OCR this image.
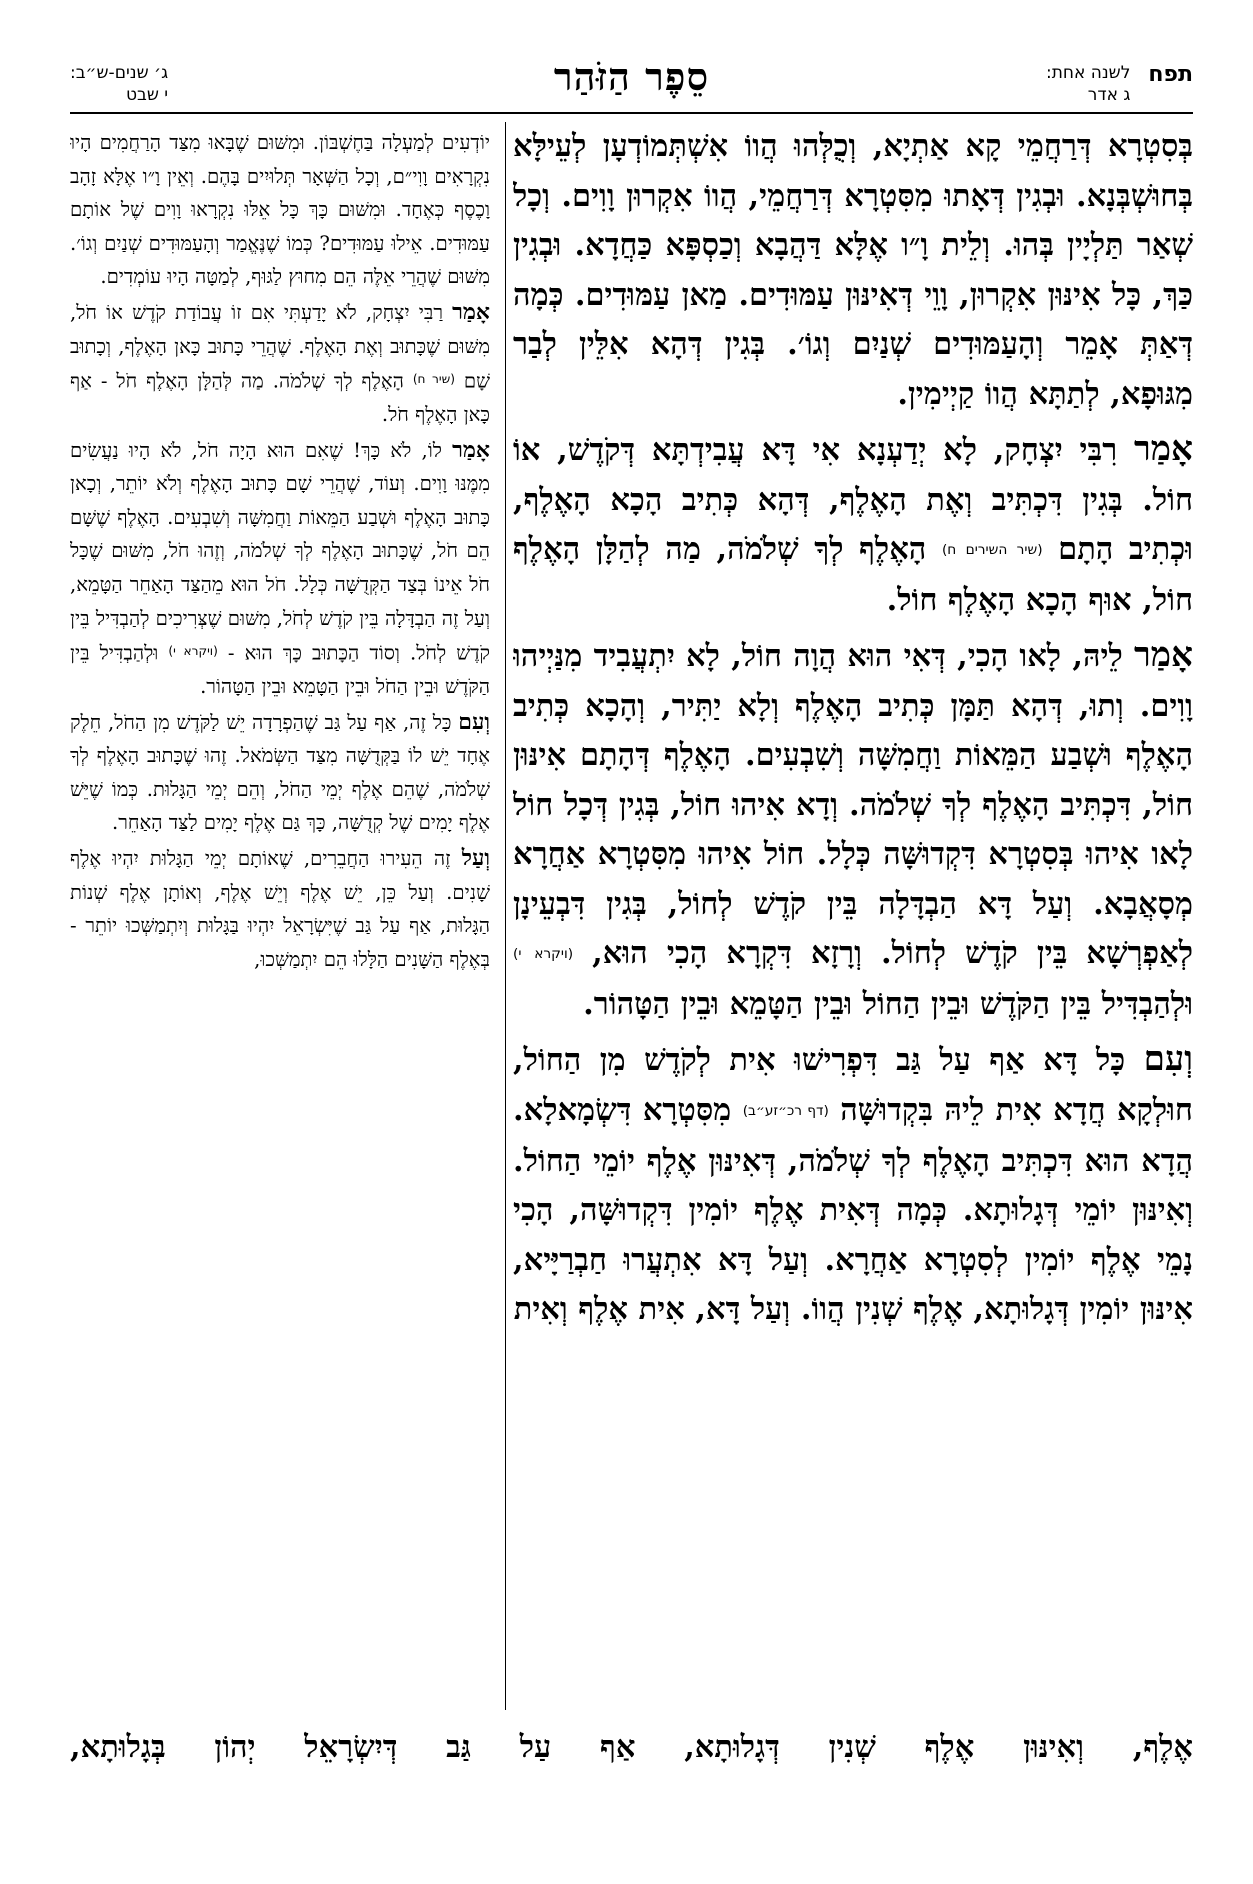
תפח
לשנה אחת:
ג אדר
סֵפֶר הַזֹּהַר
ג׳ שנים-ש״ב:
י שבט

בְּסִטְרָא דְּרַחֲמֵי קָא אַתְיָא, וְכֻלְּהוּ הֲווֹ אִשְׁתְּמוֹדְעָן לְעֵילָּא בְּחוּשְׁבְּנָא. וּבְגִין דְּאָתוּ מִסִּטְרָא דְּרַחֲמֵי, הֲווֹ אִקְרוּן וָוִים. וְכָל שְׁאַר תַּלְיָין בְּהוּ. וְלֵית וָ״ו אֶלָּא דַּהֲבָא וְכַסְפָּא כַּחֲדָא. וּבְגִין כַּךְ, כָּל אִינּוּן אִקְרוּן, וָוֵי דְּאִינּוּן עַמּוּדִים. מַאן עַמּוּדִים. כְּמָה דְּאַתְּ אָמֵר וְהָעַמּוּדִים שְׁנַיִם וְגוֹ׳. בְּגִין דְּהָא אִלֵּין לְבַר מִגּוּפָא, לְתַתָּא הֲווֹ קַיְימִין.

אָמַר רִבִּי יִצְחָק, לָא יְדַעְנָא אִי דָּא עֲבִידְתָּא דְּקֹדֶשׁ, אוֹ חוֹל. בְּגִין דִּכְתִּיב וְאֶת הָאֶלֶף, דְּהָא כְּתִיב הָכָא הָאֶלֶף, וּכְתִיב הָתָם (שיר השירים ח) הָאֶלֶף לְךָ שְׁלֹמֹה, מַה לְהַלָּן הָאֶלֶף חוֹל, אוּף הָכָא הָאֶלֶף חוֹל.

אָמַר לֵיהּ, לָאו הָכִי, דְּאִי הוּא הֲוָה חוֹל, לָא יִתְעֲבִיד מִנַּיְיהוּ וָוִים. וְתוּ, דְּהָא תַּמָּן כְּתִיב הָאֶלֶף וְלָא יַתִּיר, וְהָכָא כְּתִיב הָאֶלֶף וּשְׁבַע הַמֵּאוֹת וַחֲמִשָּׁה וְשִׁבְעִים. הָאֶלֶף דְּהָתָם אִינּוּן חוֹל, דִּכְתִּיב הָאֶלֶף לְךָ שְׁלֹמֹה. וְדָא אִיהוּ חוֹל, בְּגִין דְּכָל חוֹל לָאו אִיהוּ בְּסִטְרָא דִּקְדוּשָּׁה כְּלָל. חוֹל אִיהוּ מִסִּטְרָא אַחֲרָא מְסָאֲבָא. וְעַל דָּא הַבְדָּלָה בֵּין קֹדֶשׁ לְחוֹל, בְּגִין דִּבְעֵינָן לְאַפְרְשָׁא בֵּין קֹדֶשׁ לְחוֹל. וְרָזָא דִּקְרָא הָכִי הוּא, (ויקרא י) וּלְהַבְדִּיל בֵּין הַקֹּדֶשׁ וּבֵין הַחוֹל וּבֵין הַטָּמֵא וּבֵין הַטָּהוֹר.

וְעִם כָּל דָּא אַף עַל גַּב דִּפְרִישׁוּ אִית לְקֹדֶשׁ מִן הַחוֹל, חוּלְקָא חֲדָא אִית לֵיהּ בִּקְדוּשָּׁה (דף רכ״זע״ב) מִסִּטְרָא דִּשְׂמָאלָא. הֲדָא הוּא דִּכְתִּיב הָאֶלֶף לְךָ שְׁלֹמֹה, דְּאִינּוּן אֶלֶף יוֹמֵי הַחוֹל. וְאִינּוּן יוֹמֵי דְּגָלוּתָא. כְּמָה דְּאִית אֶלֶף יוֹמִין דִּקְדוּשָּׁה, הָכִי נָמֵי אֶלֶף יוֹמִין לְסִטְרָא אַחֲרָא. וְעַל דָּא אִתְעֲרוּ חַבְרַיָּיא, אִינּוּן יוֹמִין דְּגָלוּתָא, אֶלֶף שְׁנִין הֲווֹ. וְעַל דָּא, אִית אֶלֶף וְאִית

יוֹדְעִים לְמַעְלָה בַּחֶשְׁבּוֹן. וּמִשּׁוּם שֶׁבָּאוּ מִצַּד הָרַחֲמִים הָיוּ נִקְרָאִים וָוִי״ם, וְכָל הַשְּׁאָר תְּלוּיִים בָּהֶם. וְאֵין וָ״ו אֶלָּא זָהָב וָכֶסֶף כְּאֶחָד. וּמִשּׁוּם כָּךְ כָּל אֵלּוּ נִקְרָאוּ וָוִים שֶׁל אוֹתָם עַמּוּדִים. אֵילוּ עַמּוּדִים? כְּמוֹ שֶׁנֶּאֱמַר וְהָעַמּוּדִים שְׁנַיִם וְגוֹ׳. מִשּׁוּם שֶׁהֲרֵי אֵלֶּה הֵם מִחוּץ לַגּוּף, לְמַטָּה הָיוּ עוֹמְדִים.

אָמַר רַבִּי יִצְחָק, לֹא יָדַעְתִּי אִם זוֹ עֲבוֹדַת קֹדֶשׁ אוֹ חֹל, מִשּׁוּם שֶׁכָּתוּב וְאֶת הָאֶלֶף. שֶׁהֲרֵי כָּתוּב כָּאן הָאֶלֶף, וְכָתוּב שָׁם $^{(שיר ח)}$ הָאֶלֶף לְךָ שְׁלֹמֹה. מַה לְּהַלָּן הָאֶלֶף חֹל - אַף כָּאן הָאֶלֶף חֹל.

אָמַר לוֹ, לֹא כָּךְ! שֶׁאִם הוּא הָיָה חֹל, לֹא הָיוּ נַעֲשִׂים מִמֶּנּוּ וָוִים. וְעוֹד, שֶׁהֲרֵי שָׁם כָּתוּב הָאֶלֶף וְלֹא יוֹתֵר, וְכָאן כָּתוּב הָאֶלֶף וּשְׁבַע הַמֵּאוֹת וַחֲמִשָּׁה וְשִׁבְעִים. הָאֶלֶף שֶׁשָּׁם הֵם חֹל, שֶׁכָּתוּב הָאֶלֶף לְךָ שְׁלֹמֹה, וְזֶהוּ חֹל, מִשּׁוּם שֶׁכָּל חֹל אֵינוֹ בְּצַד הַקְּדֻשָּׁה כְּלָל. חֹל הוּא מֵהַצַּד הָאַחֵר הַטָּמֵא, וְעַל זֶה הַבְדָּלָה בֵּין קֹדֶשׁ לְחֹל, מִשּׁוּם שֶׁצְּרִיכִים לְהַבְדִּיל בֵּין קֹדֶשׁ לְחֹל. וְסוֹד הַכָּתוּב כָּךְ הוּא - $^{(ויקרא י)}$ וּלְהַבְדִּיל בֵּין הַקֹּדֶשׁ וּבֵין הַחֹל וּבֵין הַטָּמֵא וּבֵין הַטָּהוֹר.

וְעִם כָּל זֶה, אַף עַל גַּב שֶׁהַפְרָדָה יֵשׁ לַקֹּדֶשׁ מִן הַחֹל, חֵלֶק אֶחָד יֵשׁ לוֹ בַּקְּדֻשָּׁה מִצַּד הַשְּׂמֹאל. זֶהוּ שֶׁכָּתוּב הָאֶלֶף לְךָ שְׁלֹמֹה, שֶׁהֵם אֶלֶף יְמֵי הַחֹל, וְהֵם יְמֵי הַגָּלוּת. כְּמוֹ שֶׁיֵּשׁ אֶלֶף יָמִים שֶׁל קְדֻשָּׁה, כָּךְ גַּם אֶלֶף יָמִים לַצַּד הָאַחֵר.

וְעַל זֶה הֵעִירוּ הַחֲבֵרִים, שֶׁאוֹתָם יְמֵי הַגָּלוּת יִהְיוּ אֶלֶף שָׁנִים. וְעַל כֵּן, יֵשׁ אֶלֶף וְיֵשׁ אֶלֶף, וְאוֹתָן אֶלֶף שְׁנוֹת הַגָּלוּת, אַף עַל גַּב שֶׁיִּשְׂרָאֵל יִהְיוּ בַּגָּלוּת וְיִתְמַשְּׁכוּ יוֹתֵר - בְּאֶלֶף הַשָּׁנִים הַלָּלוּ הֵם יִתְמַשְּׁכוּ,

אֶלֶף, וְאִינּוּן אֶלֶף שְׁנִין דְּגָלוּתָא, אַף עַל גַּב דְּיִשְׂרָאֵל יְהוֹן בְּגָלוּתָא,
